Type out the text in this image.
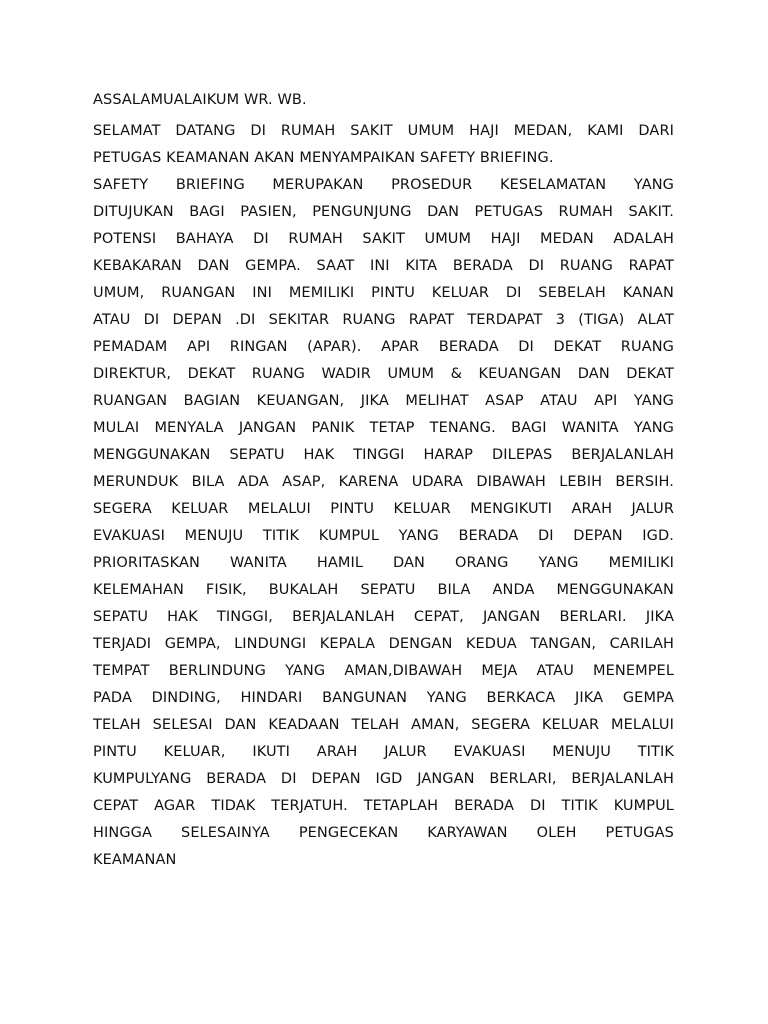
ASSALAMUALAIKUM WR. WB.
SELAMAT DATANG DI RUMAH SAKIT UMUM HAJI MEDAN, KAMI DARI
PETUGAS KEAMANAN AKAN MENYAMPAIKAN SAFETY BRIEFING.
SAFETY BRIEFING MERUPAKAN PROSEDUR KESELAMATAN YANG
DITUJUKAN BAGI PASIEN, PENGUNJUNG DAN PETUGAS RUMAH SAKIT.
POTENSI BAHAYA DI RUMAH SAKIT UMUM HAJI MEDAN ADALAH
KEBAKARAN DAN GEMPA. SAAT INI KITA BERADA DI RUANG RAPAT
UMUM, RUANGAN INI MEMILIKI PINTU KELUAR DI SEBELAH KANAN
ATAU DI DEPAN .DI SEKITAR RUANG RAPAT TERDAPAT 3 (TIGA) ALAT
PEMADAM API RINGAN (APAR). APAR BERADA DI DEKAT RUANG
DIREKTUR, DEKAT RUANG WADIR UMUM & KEUANGAN DAN DEKAT
RUANGAN BAGIAN KEUANGAN, JIKA MELIHAT ASAP ATAU API YANG
MULAI MENYALA JANGAN PANIK TETAP TENANG. BAGI WANITA YANG
MENGGUNAKAN SEPATU HAK TINGGI HARAP DILEPAS BERJALANLAH
MERUNDUK BILA ADA ASAP, KARENA UDARA DIBAWAH LEBIH BERSIH.
SEGERA KELUAR MELALUI PINTU KELUAR MENGIKUTI ARAH JALUR
EVAKUASI MENUJU TITIK KUMPUL YANG BERADA DI DEPAN IGD.
PRIORITASKAN WANITA HAMIL DAN ORANG YANG MEMILIKI
KELEMAHAN FISIK, BUKALAH SEPATU BILA ANDA MENGGUNAKAN
SEPATU HAK TINGGI, BERJALANLAH CEPAT, JANGAN BERLARI. JIKA
TERJADI GEMPA, LINDUNGI KEPALA DENGAN KEDUA TANGAN, CARILAH
TEMPAT BERLINDUNG YANG AMAN,DIBAWAH MEJA ATAU MENEMPEL
PADA DINDING, HINDARI BANGUNAN YANG BERKACA JIKA GEMPA
TELAH SELESAI DAN KEADAAN TELAH AMAN, SEGERA KELUAR MELALUI
PINTU KELUAR, IKUTI ARAH JALUR EVAKUASI MENUJU TITIK
KUMPULYANG BERADA DI DEPAN IGD JANGAN BERLARI, BERJALANLAH
CEPAT AGAR TIDAK TERJATUH. TETAPLAH BERADA DI TITIK KUMPUL
HINGGA SELESAINYA PENGECEKAN KARYAWAN OLEH PETUGAS
KEAMANAN
